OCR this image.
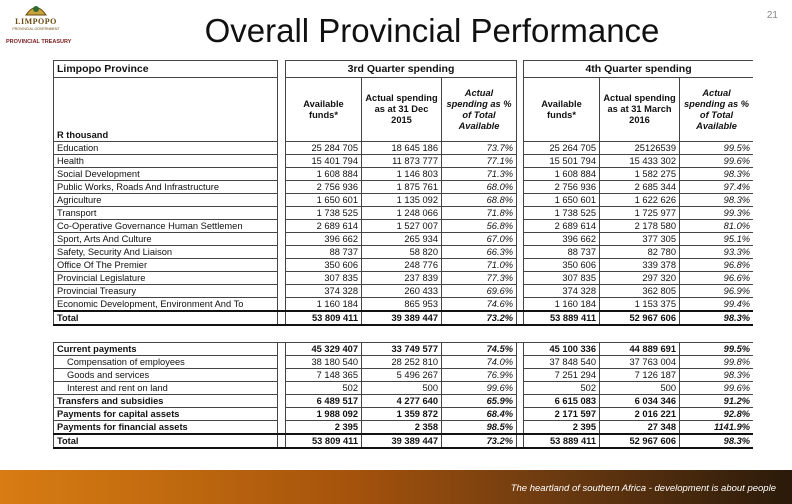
LIMPOPO
PROVINCIAL GOVERNMENT
PROVINCIAL TREASURY	Overall Provincial Performance	21
Limpopo Province		3rd Quarter spending				4th Quarter spending		
R thousand		Available funds*	Actual spending as at 31 Dec 2015	Actual spending as % of Total Available		Available funds*	Actual spending as at 31 March 2016	Actual spending as % of Total Available
Education		25 284 705	18 645 186	73.7%		25 264 705	25126539	99.5%
Health		15 401 794	11 873 777	77.1%		15 501 794	15 433 302	99.6%
Social Development		1 608 884	1 146 803	71.3%		1 608 884	1 582 275	98.3%
Public Works, Roads And Infrastructure		2 756 936	1 875 761	68.0%		2 756 936	2 685 344	97.4%
Agriculture		1 650 601	1 135 092	68.8%		1 650 601	1 622 626	98.3%
Transport		1 738 525	1 248 066	71.8%		1 738 525	1 725 977	99.3%
Co-Operative Governance Human Settlemen		2 689 614	1 527 007	56.8%		2 689 614	2 178 580	81.0%
Sport, Arts And Culture		396 662	265 934	67.0%		396 662	377 305	95.1%
Safety, Security And Liaison		88 737	58 820	66.3%		88 737	82 780	93.3%
Office Of The Premier		350 606	248 776	71.0%		350 606	339 378	96.8%
Provincial Legislature		307 835	237 839	77.3%		307 835	297 320	96.6%
Provincial Treasury		374 328	260 433	69.6%		374 328	362 805	96.9%
Economic Development, Environment And To		1 160 184	865 953	74.6%		1 160 184	1 153 375	99.4%
Total		53 809 411	39 389 447	73.2%		53 889 411	52 967 606	98.3%

Current payments		45 329 407	33 749 577	74.5%		45 100 336	44 889 691	99.5%
Compensation of employees		38 180 540	28 252 810	74.0%		37 848 540	37 763 004	99.8%
Goods and services		7 148 365	5 496 267	76.9%		7 251 294	7 126 187	98.3%
Interest and rent on land		502	500	99.6%		502	500	99.6%
Transfers and subsidies		6 489 517	4 277 640	65.9%		6 615 083	6 034 346	91.2%
Payments for capital assets		1 988 092	1 359 872	68.4%		2 171 597	2 016 221	92.8%
Payments for financial assets		2 395	2 358	98.5%		2 395	27 348	1141.9%
Total		53 809 411	39 389 447	73.2%		53 889 411	52 967 606	98.3%
The heartland of southern Africa - development is about people
